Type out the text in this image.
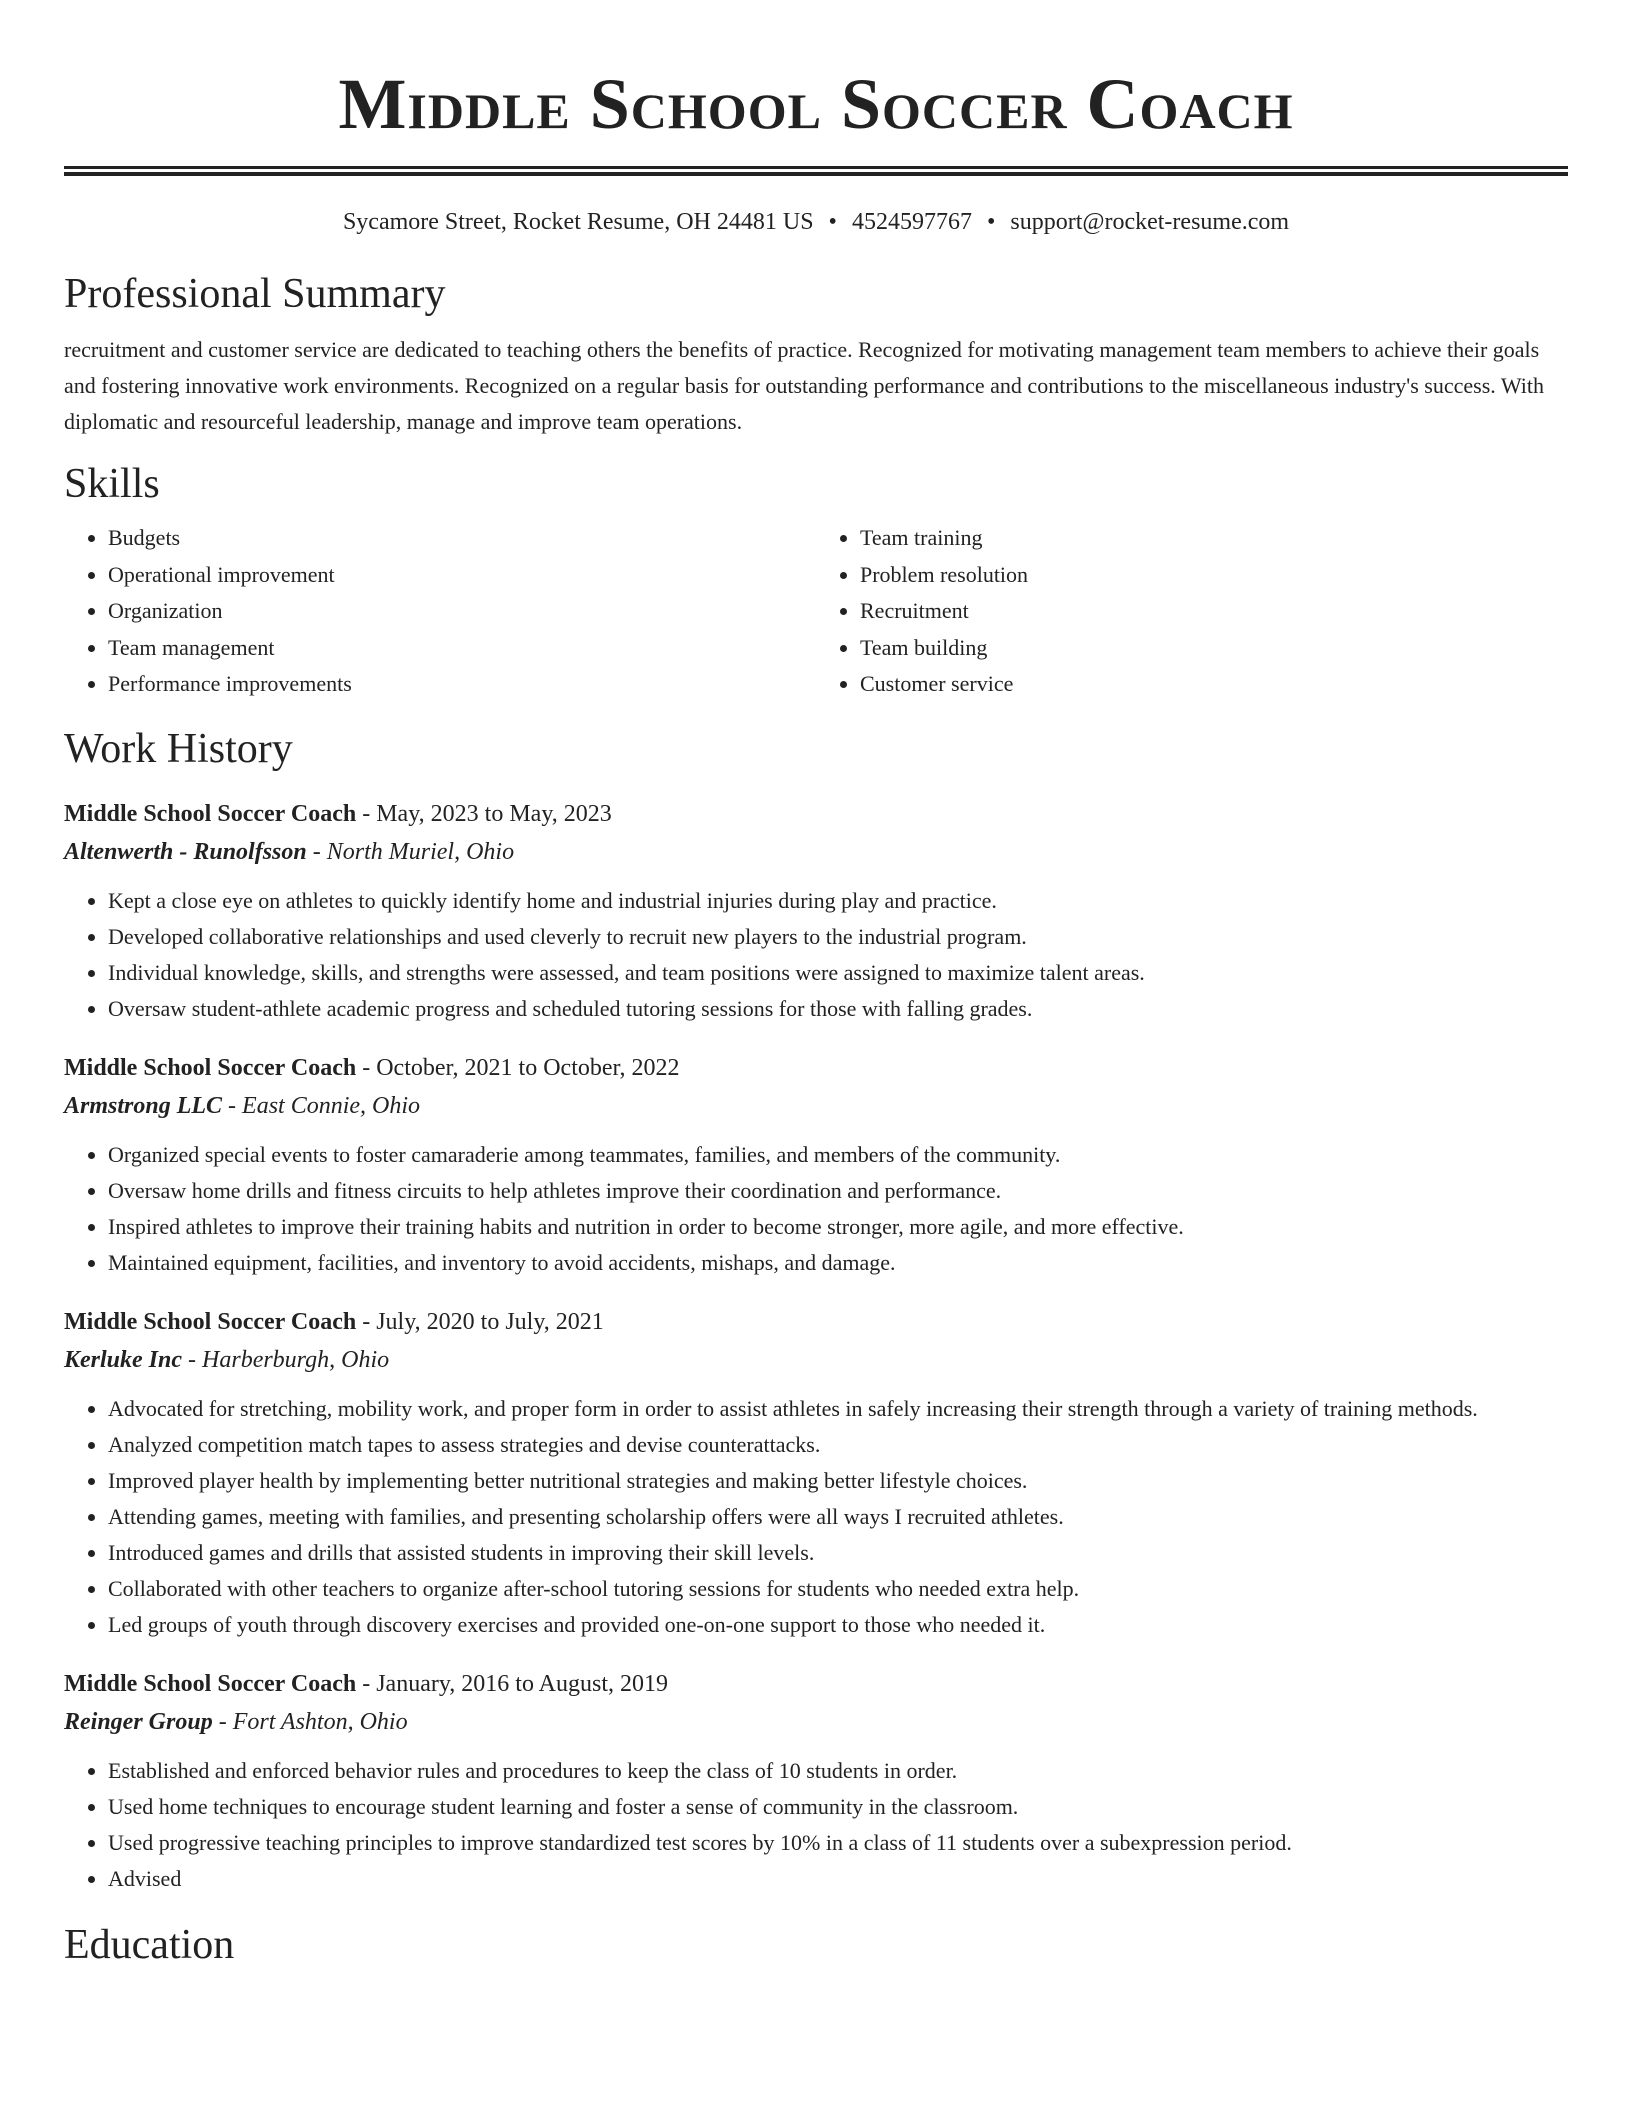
Middle School Soccer Coach
Sycamore Street, Rocket Resume, OH 24481 US • 4524597767 • support@rocket-resume.com
Professional Summary
recruitment and customer service are dedicated to teaching others the benefits of practice. Recognized for motivating management team members to achieve their goals and fostering innovative work environments. Recognized on a regular basis for outstanding performance and contributions to the miscellaneous industry's success. With diplomatic and resourceful leadership, manage and improve team operations.
Skills
• Budgets
• Operational improvement
• Organization
• Team management
• Performance improvements
• Team training
• Problem resolution
• Recruitment
• Team building
• Customer service
Work History
Middle School Soccer Coach - May, 2023 to May, 2023
Altenwerth - Runolfsson - North Muriel, Ohio
• Kept a close eye on athletes to quickly identify home and industrial injuries during play and practice.
• Developed collaborative relationships and used cleverly to recruit new players to the industrial program.
• Individual knowledge, skills, and strengths were assessed, and team positions were assigned to maximize talent areas.
• Oversaw student-athlete academic progress and scheduled tutoring sessions for those with falling grades.
Middle School Soccer Coach - October, 2021 to October, 2022
Armstrong LLC - East Connie, Ohio
• Organized special events to foster camaraderie among teammates, families, and members of the community.
• Oversaw home drills and fitness circuits to help athletes improve their coordination and performance.
• Inspired athletes to improve their training habits and nutrition in order to become stronger, more agile, and more effective.
• Maintained equipment, facilities, and inventory to avoid accidents, mishaps, and damage.
Middle School Soccer Coach - July, 2020 to July, 2021
Kerluke Inc - Harberburgh, Ohio
• Advocated for stretching, mobility work, and proper form in order to assist athletes in safely increasing their strength through a variety of training methods.
• Analyzed competition match tapes to assess strategies and devise counterattacks.
• Improved player health by implementing better nutritional strategies and making better lifestyle choices.
• Attending games, meeting with families, and presenting scholarship offers were all ways I recruited athletes.
• Introduced games and drills that assisted students in improving their skill levels.
• Collaborated with other teachers to organize after-school tutoring sessions for students who needed extra help.
• Led groups of youth through discovery exercises and provided one-on-one support to those who needed it.
Middle School Soccer Coach - January, 2016 to August, 2019
Reinger Group - Fort Ashton, Ohio
• Established and enforced behavior rules and procedures to keep the class of 10 students in order.
• Used home techniques to encourage student learning and foster a sense of community in the classroom.
• Used progressive teaching principles to improve standardized test scores by 10% in a class of 11 students over a subexpression period.
• Advised
Education
